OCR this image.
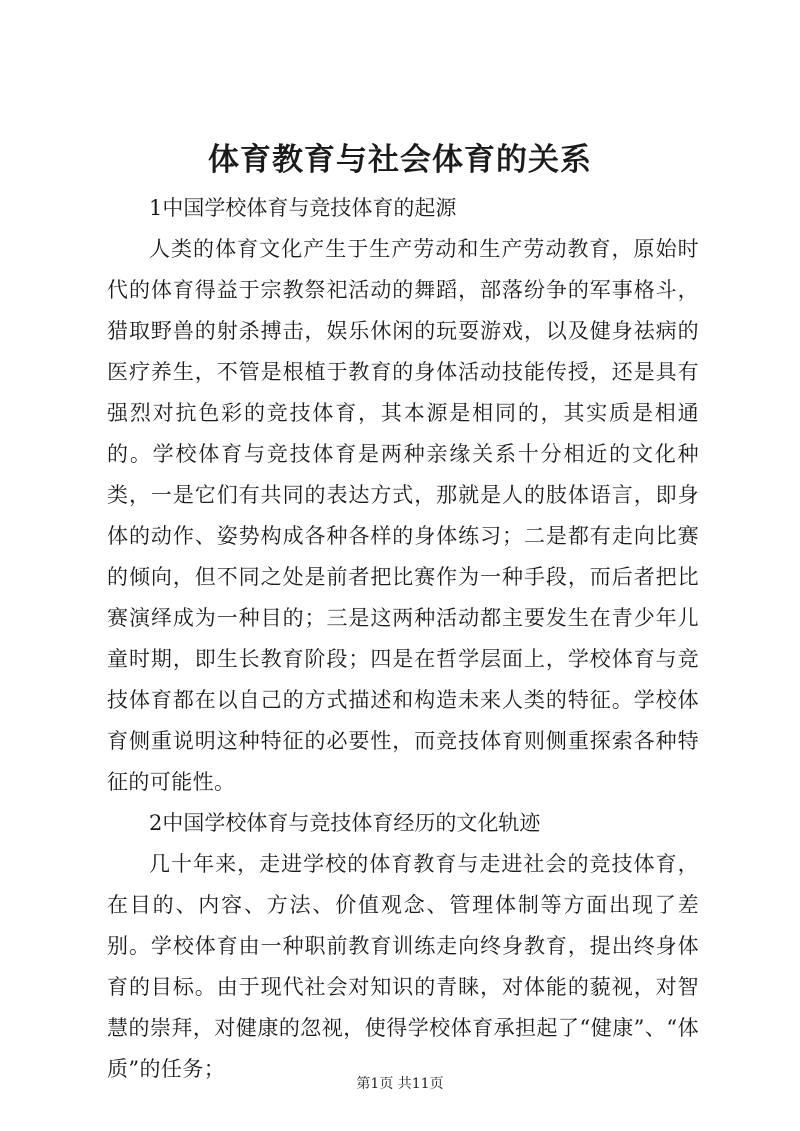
体育教育与社会体育的关系

1中国学校体育与竞技体育的起源

人类的体育文化产生于生产劳动和生产劳动教育，原始时代的体育得益于宗教祭祀活动的舞蹈，部落纷争的军事格斗，猎取野兽的射杀搏击，娱乐休闲的玩耍游戏，以及健身祛病的医疗养生，不管是根植于教育的身体活动技能传授，还是具有强烈对抗色彩的竞技体育，其本源是相同的，其实质是相通的。学校体育与竞技体育是两种亲缘关系十分相近的文化种类，一是它们有共同的表达方式，那就是人的肢体语言，即身体的动作、姿势构成各种各样的身体练习；二是都有走向比赛的倾向，但不同之处是前者把比赛作为一种手段，而后者把比赛演绎成为一种目的；三是这两种活动都主要发生在青少年儿童时期，即生长教育阶段；四是在哲学层面上，学校体育与竞技体育都在以自己的方式描述和构造未来人类的特征。学校体育侧重说明这种特征的必要性，而竞技体育则侧重探索各种特征的可能性。

2中国学校体育与竞技体育经历的文化轨迹

几十年来，走进学校的体育教育与走进社会的竞技体育，在目的、内容、方法、价值观念、管理体制等方面出现了差别。学校体育由一种职前教育训练走向终身教育，提出终身体育的目标。由于现代社会对知识的青睐，对体能的藐视，对智慧的崇拜，对健康的忽视，使得学校体育承担起了“健康”、“体质”的任务；

第1页 共11页
